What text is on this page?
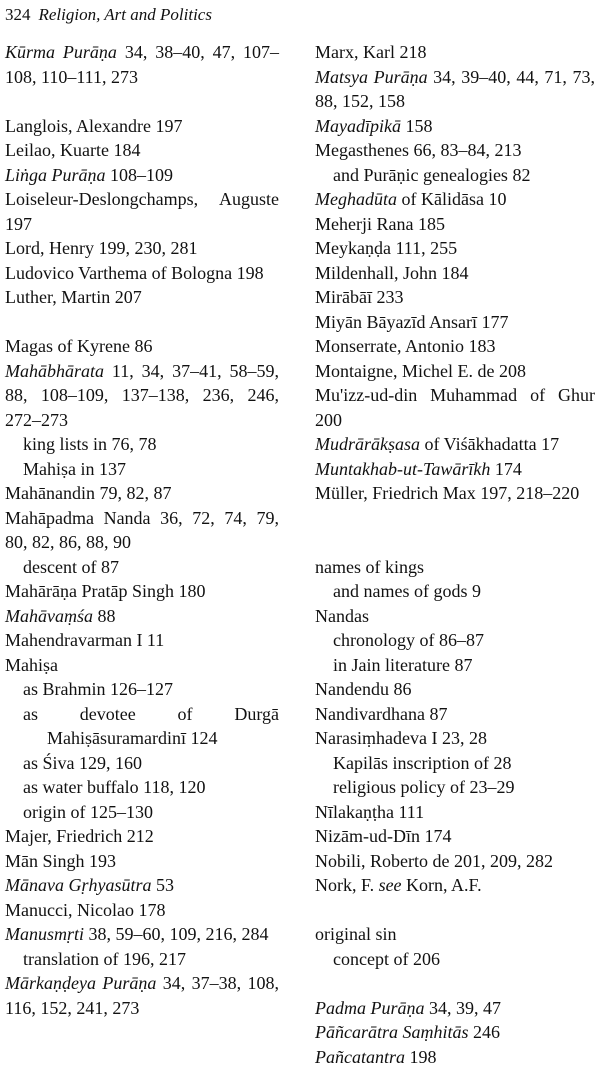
324 Religion, Art and Politics

Kūrma Purāṇa 34, 38–40, 47, 107–108, 110–111, 273

Langlois, Alexandre 197

Leilao, Kuarte 184

Liṅga Purāṇa 108–109

Loiseleur-Deslongchamps, Auguste 197

Lord, Henry 199, 230, 281

Ludovico Varthema of Bologna 198

Luther, Martin 207

Magas of Kyrene 86

Mahābhārata 11, 34, 37–41, 58–59, 88, 108–109, 137–138, 236, 246, 272–273

king lists in 76, 78

Mahiṣa in 137

Mahānandin 79, 82, 87

Mahāpadma Nanda 36, 72, 74, 79, 80, 82, 86, 88, 90

descent of 87

Mahārāṇa Pratāp Singh 180

Mahāvaṃśa 88

Mahendravarman I 11

Mahiṣa

as Brahmin 126–127

as devotee of Durgā Mahiṣāsuramardinī 124

as Śiva 129, 160

as water buffalo 118, 120

origin of 125–130

Majer, Friedrich 212

Mān Singh 193

Mānava Gṛhyasūtra 53

Manucci, Nicolao 178

Manusmṛti 38, 59–60, 109, 216, 284

translation of 196, 217

Mārkaṇḍeya Purāṇa 34, 37–38, 108, 116, 152, 241, 273

Marx, Karl 218

Matsya Purāṇa 34, 39–40, 44, 71, 73, 88, 152, 158

Mayadīpikā 158

Megasthenes 66, 83–84, 213

and Purāṇic genealogies 82

Meghadūta of Kālidāsa 10

Meherji Rana 185

Meykaṇḍa 111, 255

Mildenhall, John 184

Mirābāī 233

Miyān Bāyazīd Ansarī 177

Monserrate, Antonio 183

Montaigne, Michel E. de 208

Mu'izz-ud-din Muhammad of Ghur 200

Mudrārākṣasa of Viśākhadatta 17

Muntakhab-ut-Tawārīkh 174

Müller, Friedrich Max 197, 218–220

names of kings

and names of gods 9

Nandas

chronology of 86–87

in Jain literature 87

Nandendu 86

Nandivardhana 87

Narasiṃhadeva I 23, 28

Kapilās inscription of 28

religious policy of 23–29

Nīlakaṇṭha 111

Nizām-ud-Dīn 174

Nobili, Roberto de 201, 209, 282

Nork, F. see Korn, A.F.

original sin

concept of 206

Padma Purāṇa 34, 39, 47

Pāñcarātra Saṃhitās 246

Pañcatantra 198
